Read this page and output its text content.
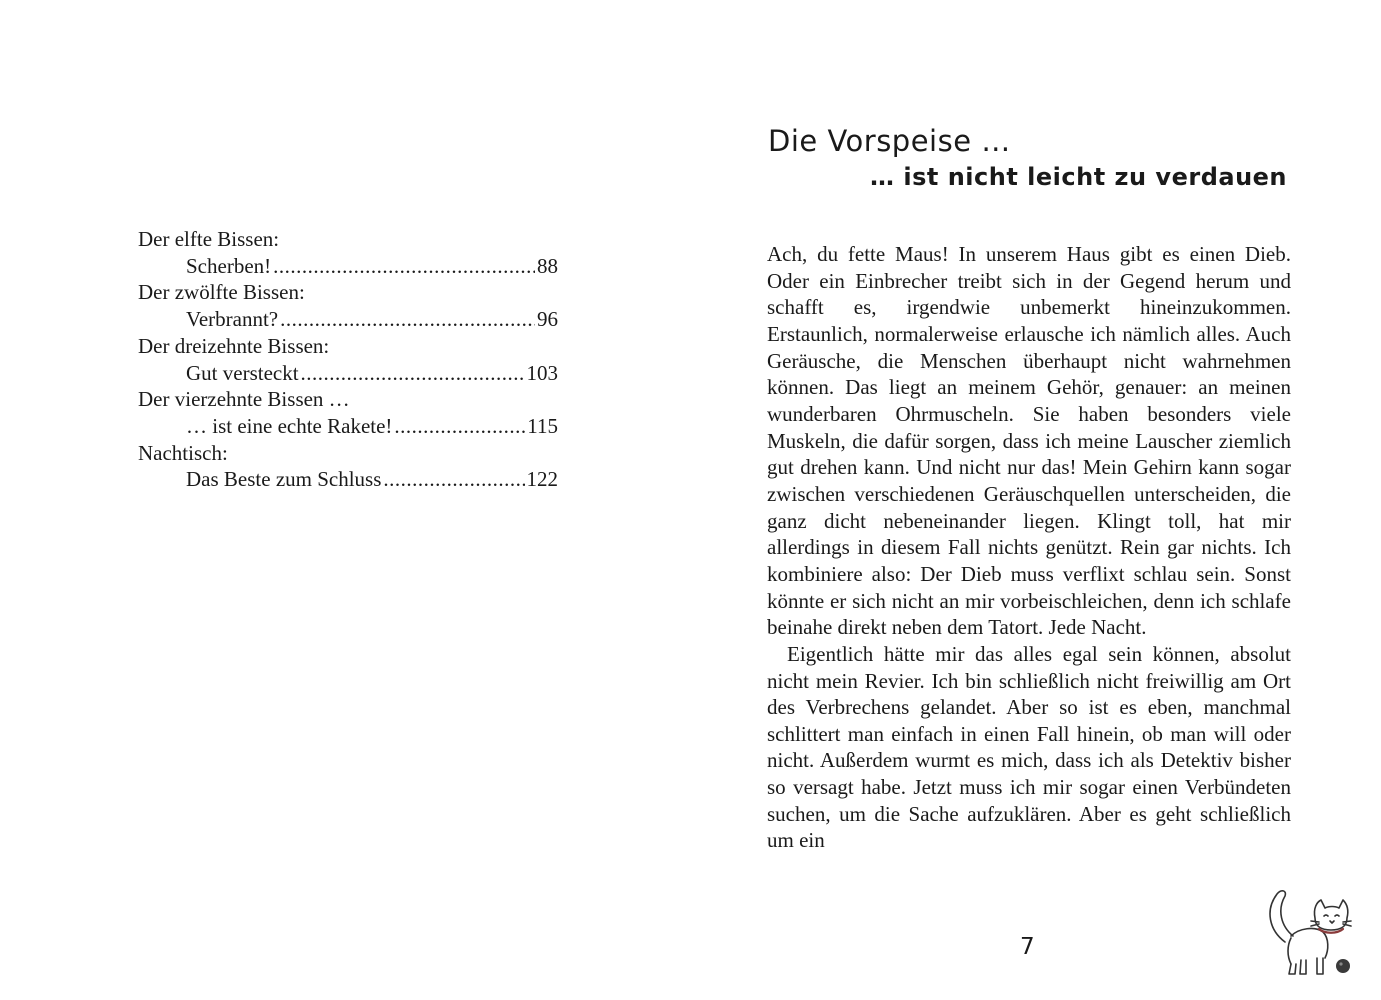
Der elfte Bissen:
Scherben! .....	88
Der zwölfte Bissen:
Verbrannt? .....	96
Der dreizehnte Bissen:
Gut versteckt .....	103
Der vierzehnte Bissen …
… ist eine echte Rakete! .....	115
Nachtisch:
Das Beste zum Schluss .....	122
Die Vorspeise …
… ist nicht leicht zu verdauen

Ach, du fette Maus! In unserem Haus gibt es einen Dieb. Oder ein Einbrecher treibt sich in der Gegend herum und schafft es, irgendwie unbemerkt hineinzukommen. Erstaunlich, normalerweise erlausche ich nämlich alles. Auch Geräusche, die Menschen überhaupt nicht wahrnehmen können. Das liegt an meinem Gehör, genauer: an meinen wunderbaren Ohrmuscheln. Sie haben besonders viele Muskeln, die dafür sorgen, dass ich meine Lauscher ziemlich gut drehen kann. Und nicht nur das! Mein Gehirn kann sogar zwischen verschiedenen Geräuschquellen unterscheiden, die ganz dicht nebeneinander liegen. Klingt toll, hat mir allerdings in diesem Fall nichts genützt. Rein gar nichts. Ich kombiniere also: Der Dieb muss verflixt schlau sein. Sonst könnte er sich nicht an mir vorbeischleichen, denn ich schlafe beinahe direkt neben dem Tatort. Jede Nacht.

Eigentlich hätte mir das alles egal sein können, absolut nicht mein Revier. Ich bin schließlich nicht freiwillig am Ort des Verbrechens gelandet. Aber so ist es eben, manchmal schlittert man einfach in einen Fall hinein, ob man will oder nicht. Außerdem wurmt es mich, dass ich als Detektiv bisher so versagt habe. Jetzt muss ich mir sogar einen Verbündeten suchen, um die Sache aufzuklären. Aber es geht schließlich um ein

7
